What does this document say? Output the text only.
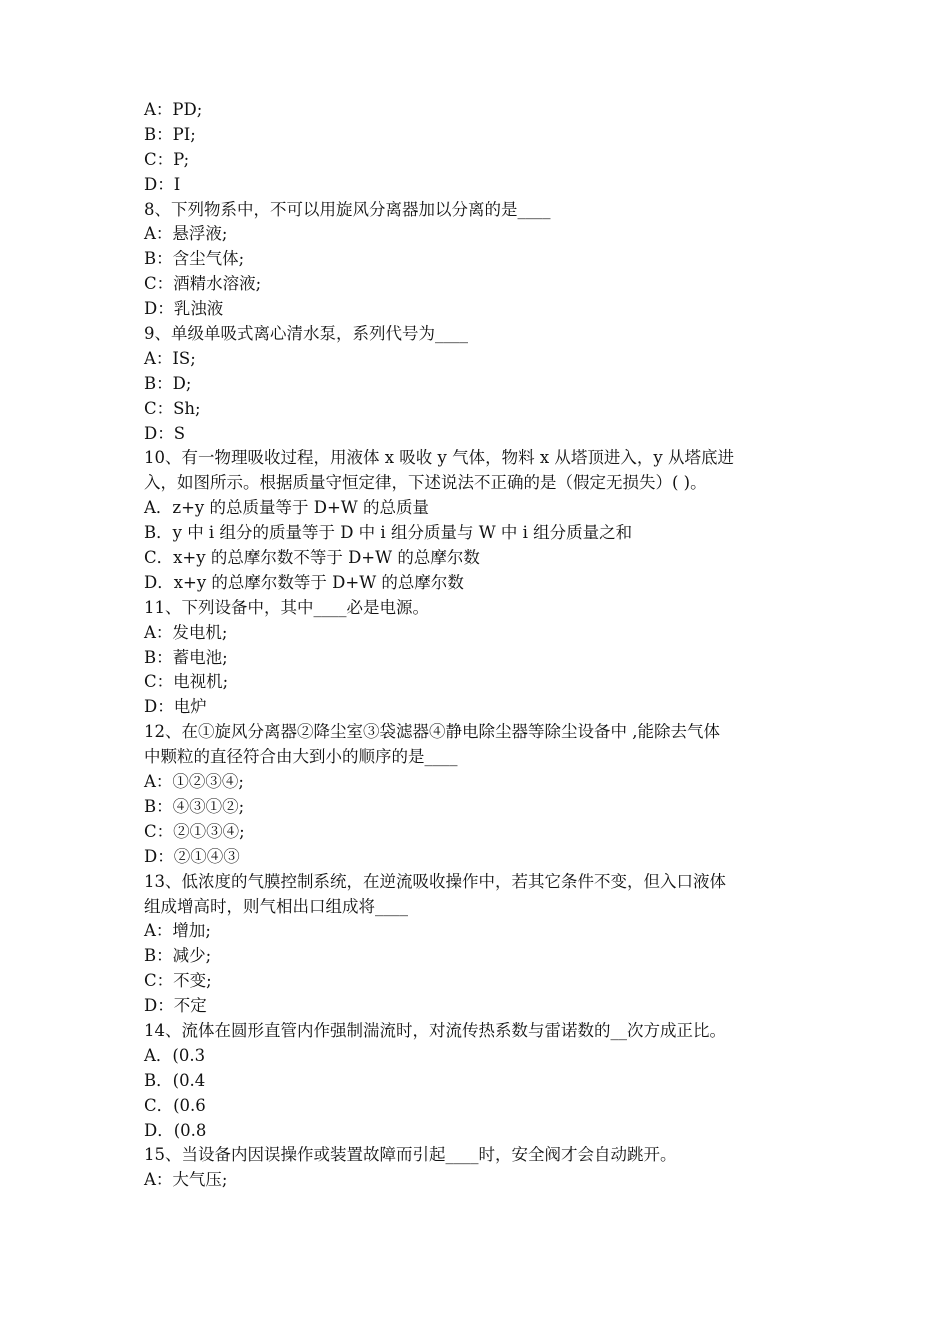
A：PD;
B：PI;
C：P;
D：I
8、下列物系中，不可以用旋风分离器加以分离的是____
A：悬浮液;
B：含尘气体;
C：酒精水溶液;
D：乳浊液
9、单级单吸式离心清水泵，系列代号为____
A：IS;
B：D;
C：Sh;
D：S
10、有一物理吸收过程，用液体 x 吸收 y 气体，物料 x 从塔顶进入，y 从塔底进
入，如图所示。根据质量守恒定律，下述说法不正确的是（假定无损失）( )。
A．z+y 的总质量等于 D+W 的总质量
B．y 中 i 组分的质量等于 D 中 i 组分质量与 W 中 i 组分质量之和
C．x+y 的总摩尔数不等于 D+W 的总摩尔数
D．x+y 的总摩尔数等于 D+W 的总摩尔数
11、下列设备中，其中____必是电源。
A：发电机;
B：蓄电池;
C：电视机;
D：电炉
12、在①旋风分离器②降尘室③袋滤器④静电除尘器等除尘设备中 ,能除去气体
中颗粒的直径符合由大到小的顺序的是____
A：①②③④;
B：④③①②;
C：②①③④;
D：②①④③
13、低浓度的气膜控制系统，在逆流吸收操作中，若其它条件不变，但入口液体
组成增高时，则气相出口组成将____
A：增加;
B：减少;
C：不变;
D：不定
14、流体在圆形直管内作强制湍流时，对流传热系数与雷诺数的__次方成正比。
A．(0.3
B．(0.4
C．(0.6
D．(0.8
15、当设备内因误操作或装置故障而引起____时，安全阀才会自动跳开。
A：大气压;
